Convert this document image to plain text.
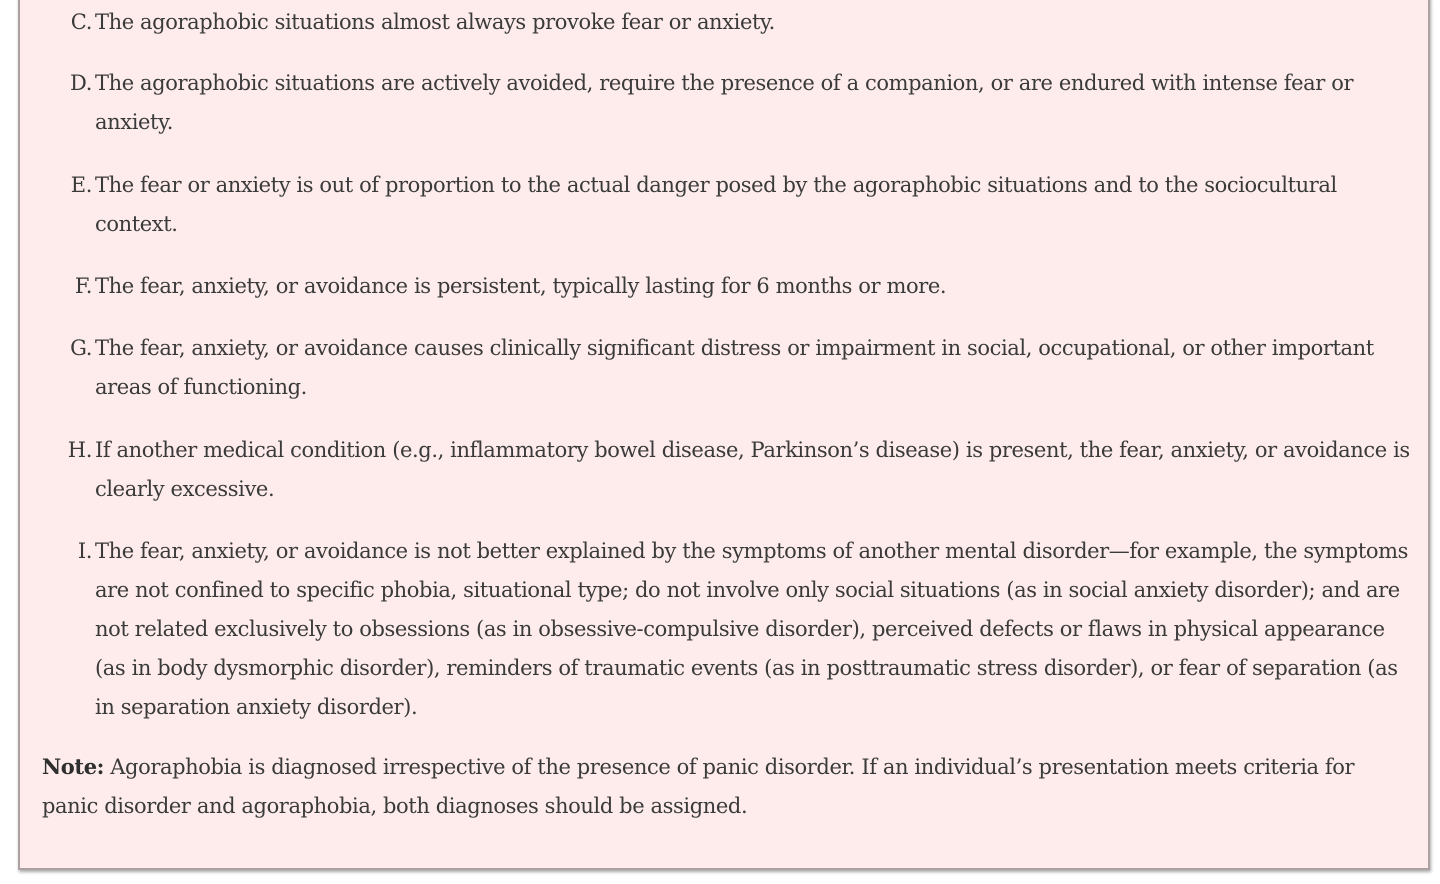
C. The agoraphobic situations almost always provoke fear or anxiety.
D. The agoraphobic situations are actively avoided, require the presence of a companion, or are endured with intense fear or anxiety.
E. The fear or anxiety is out of proportion to the actual danger posed by the agoraphobic situations and to the sociocultural context.
F. The fear, anxiety, or avoidance is persistent, typically lasting for 6 months or more.
G. The fear, anxiety, or avoidance causes clinically significant distress or impairment in social, occupational, or other important areas of functioning.
H. If another medical condition (e.g., inflammatory bowel disease, Parkinson’s disease) is present, the fear, anxiety, or avoidance is clearly excessive.
I. The fear, anxiety, or avoidance is not better explained by the symptoms of another mental disorder—for example, the symptoms are not confined to specific phobia, situational type; do not involve only social situations (as in social anxiety disorder); and are not related exclusively to obsessions (as in obsessive-compulsive disorder), perceived defects or flaws in physical appearance (as in body dysmorphic disorder), reminders of traumatic events (as in posttraumatic stress disorder), or fear of separation (as in separation anxiety disorder).
Note: Agoraphobia is diagnosed irrespective of the presence of panic disorder. If an individual’s presentation meets criteria for panic disorder and agoraphobia, both diagnoses should be assigned.
